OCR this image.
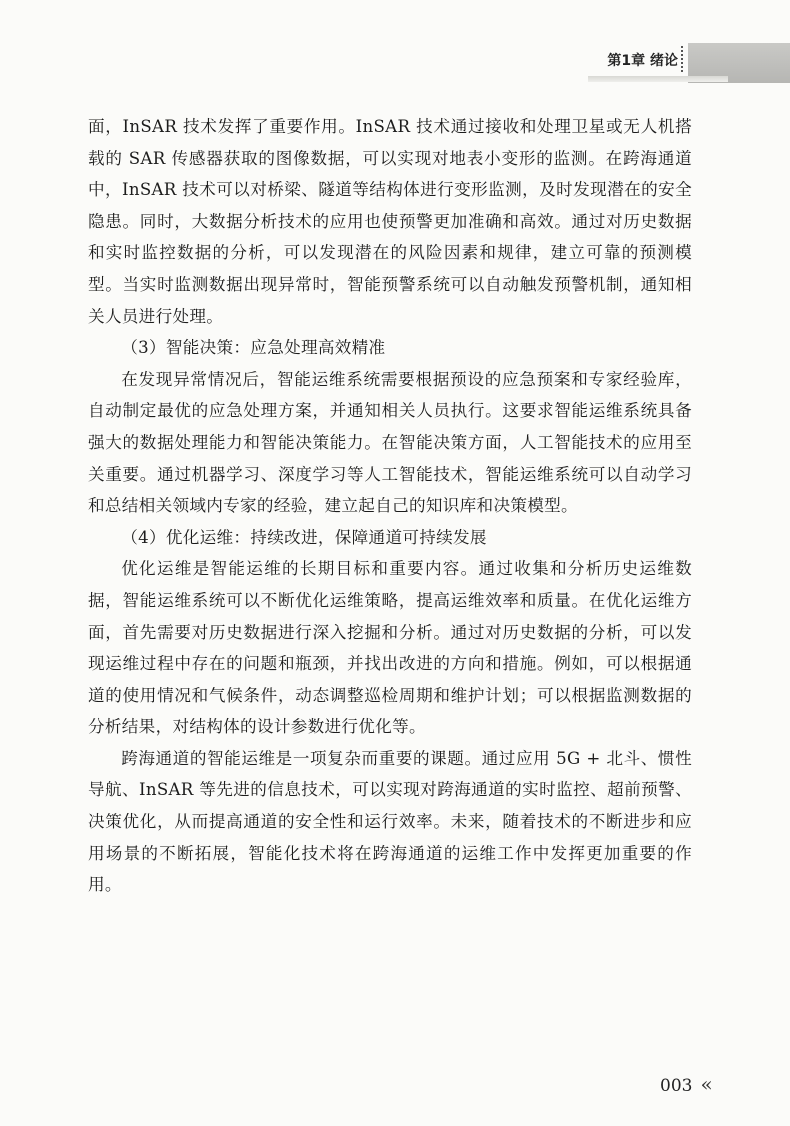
第1章 绪论

面，InSAR 技术发挥了重要作用。InSAR 技术通过接收和处理卫星或无人机搭载的 SAR 传感器获取的图像数据，可以实现对地表小变形的监测。在跨海通道中，InSAR 技术可以对桥梁、隧道等结构体进行变形监测，及时发现潜在的安全隐患。同时，大数据分析技术的应用也使预警更加准确和高效。通过对历史数据和实时监控数据的分析，可以发现潜在的风险因素和规律，建立可靠的预测模型。当实时监测数据出现异常时，智能预警系统可以自动触发预警机制，通知相关人员进行处理。

（3）智能决策：应急处理高效精准

在发现异常情况后，智能运维系统需要根据预设的应急预案和专家经验库，自动制定最优的应急处理方案，并通知相关人员执行。这要求智能运维系统具备强大的数据处理能力和智能决策能力。在智能决策方面，人工智能技术的应用至关重要。通过机器学习、深度学习等人工智能技术，智能运维系统可以自动学习和总结相关领域内专家的经验，建立起自己的知识库和决策模型。

（4）优化运维：持续改进，保障通道可持续发展

优化运维是智能运维的长期目标和重要内容。通过收集和分析历史运维数据，智能运维系统可以不断优化运维策略，提高运维效率和质量。在优化运维方面，首先需要对历史数据进行深入挖掘和分析。通过对历史数据的分析，可以发现运维过程中存在的问题和瓶颈，并找出改进的方向和措施。例如，可以根据通道的使用情况和气候条件，动态调整巡检周期和维护计划；可以根据监测数据的分析结果，对结构体的设计参数进行优化等。

跨海通道的智能运维是一项复杂而重要的课题。通过应用 5G + 北斗、惯性导航、InSAR 等先进的信息技术，可以实现对跨海通道的实时监控、超前预警、决策优化，从而提高通道的安全性和运行效率。未来，随着技术的不断进步和应用场景的不断拓展，智能化技术将在跨海通道的运维工作中发挥更加重要的作用。

003 «
